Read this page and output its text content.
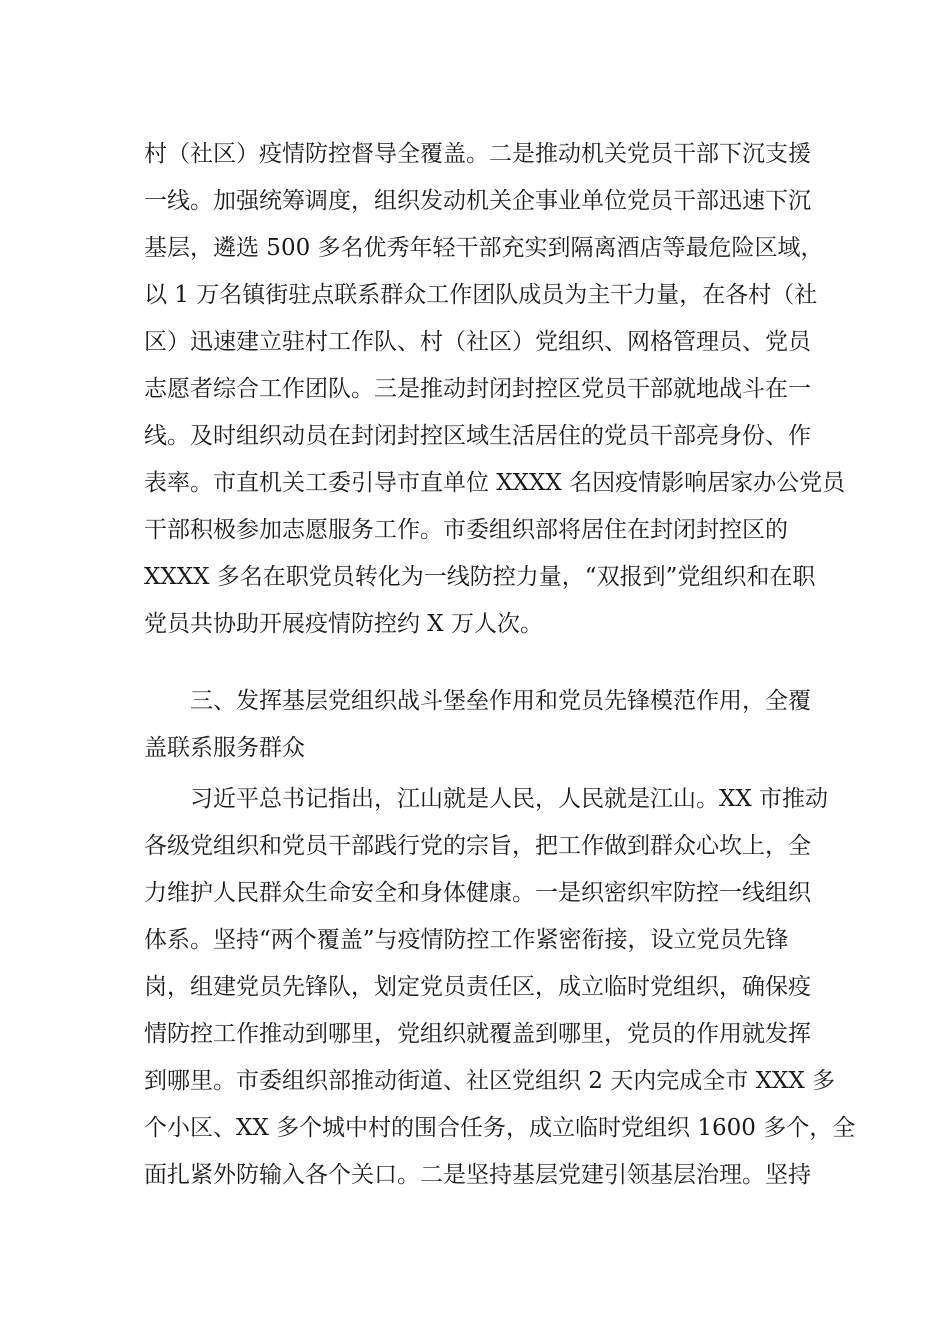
村（社区）疫情防控督导全覆盖。二是推动机关党员干部下沉支援
一线。加强统筹调度，组织发动机关企事业单位党员干部迅速下沉
基层，遴选 500 多名优秀年轻干部充实到隔离酒店等最危险区域，
以 1 万名镇街驻点联系群众工作团队成员为主干力量，在各村（社
区）迅速建立驻村工作队、村（社区）党组织、网格管理员、党员
志愿者综合工作团队。三是推动封闭封控区党员干部就地战斗在一
线。及时组织动员在封闭封控区域生活居住的党员干部亮身份、作
表率。市直机关工委引导市直单位 XXXX 名因疫情影响居家办公党员
干部积极参加志愿服务工作。市委组织部将居住在封闭封控区的
XXXX 多名在职党员转化为一线防控力量，“双报到”党组织和在职
党员共协助开展疫情防控约 X 万人次。
三、发挥基层党组织战斗堡垒作用和党员先锋模范作用，全覆
盖联系服务群众
习近平总书记指出，江山就是人民，人民就是江山。XX 市推动
各级党组织和党员干部践行党的宗旨，把工作做到群众心坎上，全
力维护人民群众生命安全和身体健康。一是织密织牢防控一线组织
体系。坚持“两个覆盖”与疫情防控工作紧密衔接，设立党员先锋
岗，组建党员先锋队，划定党员责任区，成立临时党组织，确保疫
情防控工作推动到哪里，党组织就覆盖到哪里，党员的作用就发挥
到哪里。市委组织部推动街道、社区党组织 2 天内完成全市 XXX 多
个小区、XX 多个城中村的围合任务，成立临时党组织 1600 多个，全
面扎紧外防输入各个关口。二是坚持基层党建引领基层治理。坚持
